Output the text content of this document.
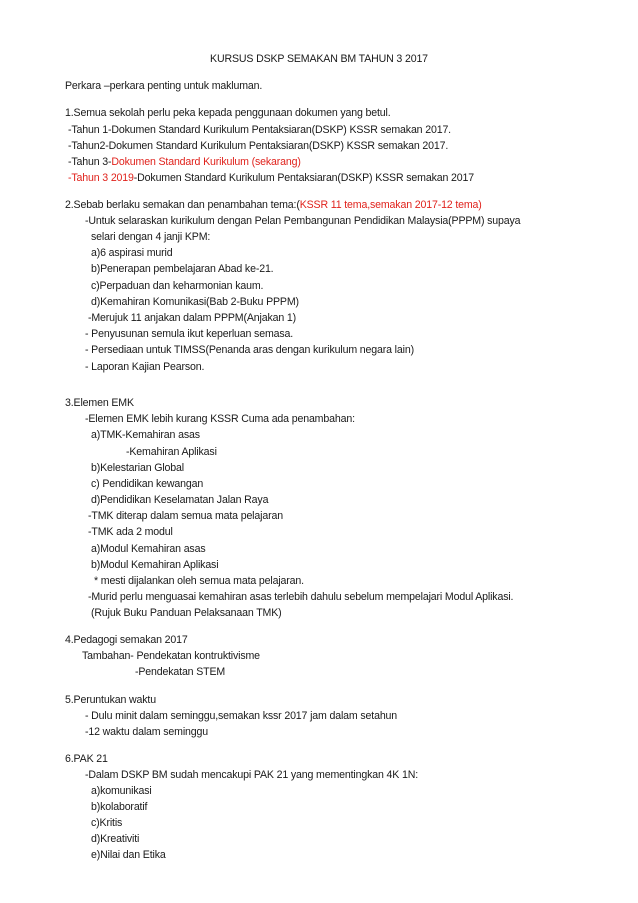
KURSUS DSKP SEMAKAN BM TAHUN 3 2017
Perkara –perkara penting untuk makluman.
1.Semua sekolah perlu peka kepada penggunaan dokumen yang betul.
-Tahun 1-Dokumen Standard Kurikulum Pentaksiaran(DSKP) KSSR semakan 2017.
-Tahun2-Dokumen Standard Kurikulum Pentaksiaran(DSKP) KSSR semakan 2017.
-Tahun 3-Dokumen Standard Kurikulum (sekarang)
-Tahun 3 2019-Dokumen Standard Kurikulum Pentaksiaran(DSKP) KSSR semakan 2017
2.Sebab berlaku semakan dan penambahan tema:(KSSR 11 tema,semakan 2017-12 tema)
-Untuk selaraskan kurikulum dengan Pelan Pembangunan Pendidikan Malaysia(PPPM) supaya
selari dengan 4 janji KPM:
a)6 aspirasi murid
b)Penerapan pembelajaran Abad ke-21.
c)Perpaduan dan keharmonian kaum.
d)Kemahiran Komunikasi(Bab 2-Buku PPPM)
-Merujuk 11 anjakan dalam PPPM(Anjakan 1)
- Penyusunan semula ikut keperluan semasa.
- Persediaan untuk TIMSS(Penanda aras dengan kurikulum negara lain)
- Laporan Kajian Pearson.
3.Elemen EMK
-Elemen EMK lebih kurang KSSR Cuma ada penambahan:
a)TMK-Kemahiran asas
-Kemahiran Aplikasi
b)Kelestarian Global
c) Pendidikan kewangan
d)Pendidikan Keselamatan Jalan Raya
-TMK diterap dalam semua mata pelajaran
-TMK ada 2 modul
a)Modul Kemahiran asas
b)Modul Kemahiran Aplikasi
* mesti dijalankan oleh semua mata pelajaran.
-Murid perlu menguasai kemahiran asas terlebih dahulu sebelum mempelajari Modul Aplikasi.
(Rujuk Buku Panduan Pelaksanaan TMK)
4.Pedagogi semakan 2017
Tambahan- Pendekatan kontruktivisme
-Pendekatan STEM
5.Peruntukan waktu
- Dulu minit dalam seminggu,semakan kssr 2017 jam dalam setahun
-12 waktu dalam seminggu
6.PAK 21
-Dalam DSKP BM sudah mencakupi PAK 21 yang mementingkan 4K 1N:
a)komunikasi
b)kolaboratif
c)Kritis
d)Kreativiti
e)Nilai dan Etika
